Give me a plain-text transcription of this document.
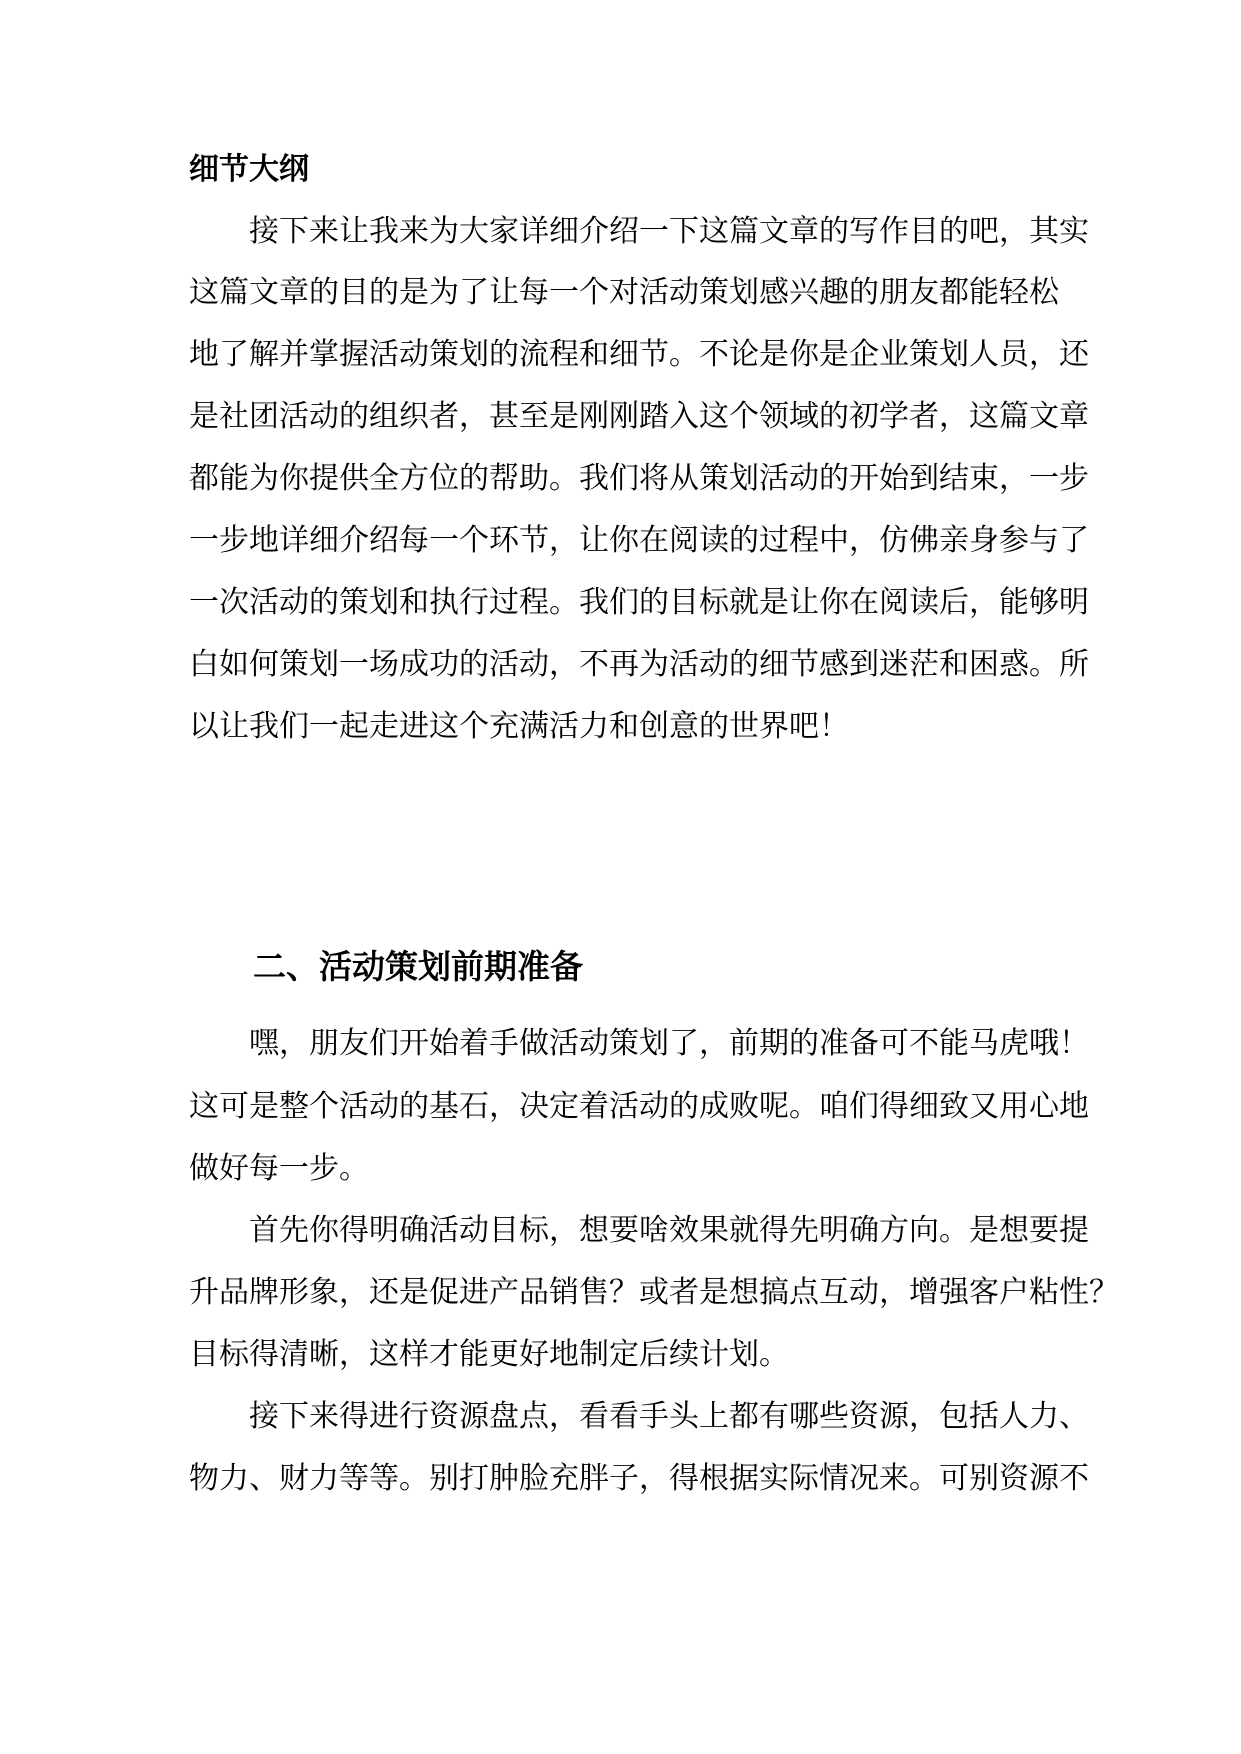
细节大纲

接下来让我来为大家详细介绍一下这篇文章的写作目的吧，其实

这篇文章的目的是为了让每一个对活动策划感兴趣的朋友都能轻松

地了解并掌握活动策划的流程和细节。不论是你是企业策划人员，还

是社团活动的组织者，甚至是刚刚踏入这个领域的初学者，这篇文章

都能为你提供全方位的帮助。我们将从策划活动的开始到结束，一步

一步地详细介绍每一个环节，让你在阅读的过程中，仿佛亲身参与了

一次活动的策划和执行过程。我们的目标就是让你在阅读后，能够明

白如何策划一场成功的活动，不再为活动的细节感到迷茫和困惑。所

以让我们一起走进这个充满活力和创意的世界吧！

二、活动策划前期准备

嘿，朋友们开始着手做活动策划了，前期的准备可不能马虎哦！

这可是整个活动的基石，决定着活动的成败呢。咱们得细致又用心地

做好每一步。

首先你得明确活动目标，想要啥效果就得先明确方向。是想要提

升品牌形象，还是促进产品销售？或者是想搞点互动，增强客户粘性？

目标得清晰，这样才能更好地制定后续计划。

接下来得进行资源盘点，看看手头上都有哪些资源，包括人力、

物力、财力等等。别打肿脸充胖子，得根据实际情况来。可别资源不
